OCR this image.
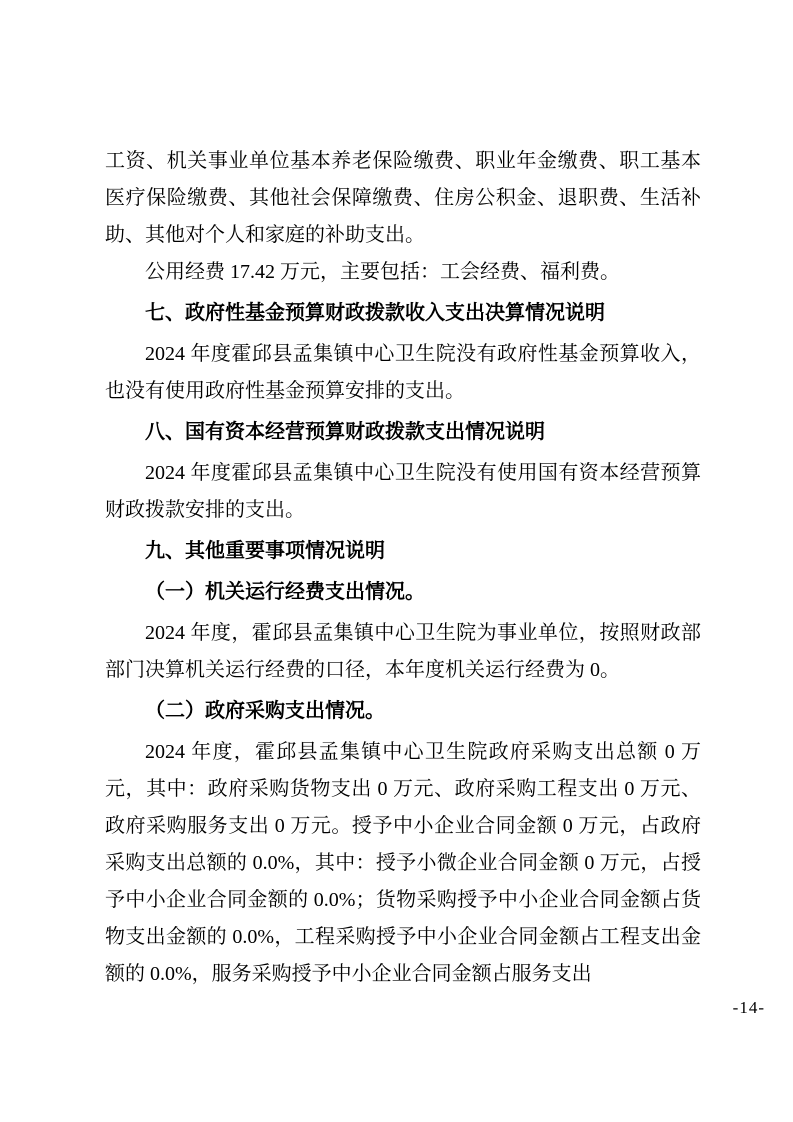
工资、机关事业单位基本养老保险缴费、职业年金缴费、职工基本医疗保险缴费、其他社会保障缴费、住房公积金、退职费、生活补助、其他对个人和家庭的补助支出。

公用经费 17.42 万元，主要包括：工会经费、福利费。

七、政府性基金预算财政拨款收入支出决算情况说明

2024 年度霍邱县孟集镇中心卫生院没有政府性基金预算收入，也没有使用政府性基金预算安排的支出。

八、国有资本经营预算财政拨款支出情况说明

2024 年度霍邱县孟集镇中心卫生院没有使用国有资本经营预算财政拨款安排的支出。

九、其他重要事项情况说明
（一）机关运行经费支出情况。

2024 年度，霍邱县孟集镇中心卫生院为事业单位，按照财政部部门决算机关运行经费的口径，本年度机关运行经费为 0。

（二）政府采购支出情况。

2024 年度，霍邱县孟集镇中心卫生院政府采购支出总额 0 万元，其中：政府采购货物支出 0 万元、政府采购工程支出 0 万元、政府采购服务支出 0 万元。授予中小企业合同金额 0 万元，占政府采购支出总额的 0.0%，其中：授予小微企业合同金额 0 万元，占授予中小企业合同金额的 0.0%；货物采购授予中小企业合同金额占货物支出金额的 0.0%，工程采购授予中小企业合同金额占工程支出金额的 0.0%，服务采购授予中小企业合同金额占服务支出

-14-
